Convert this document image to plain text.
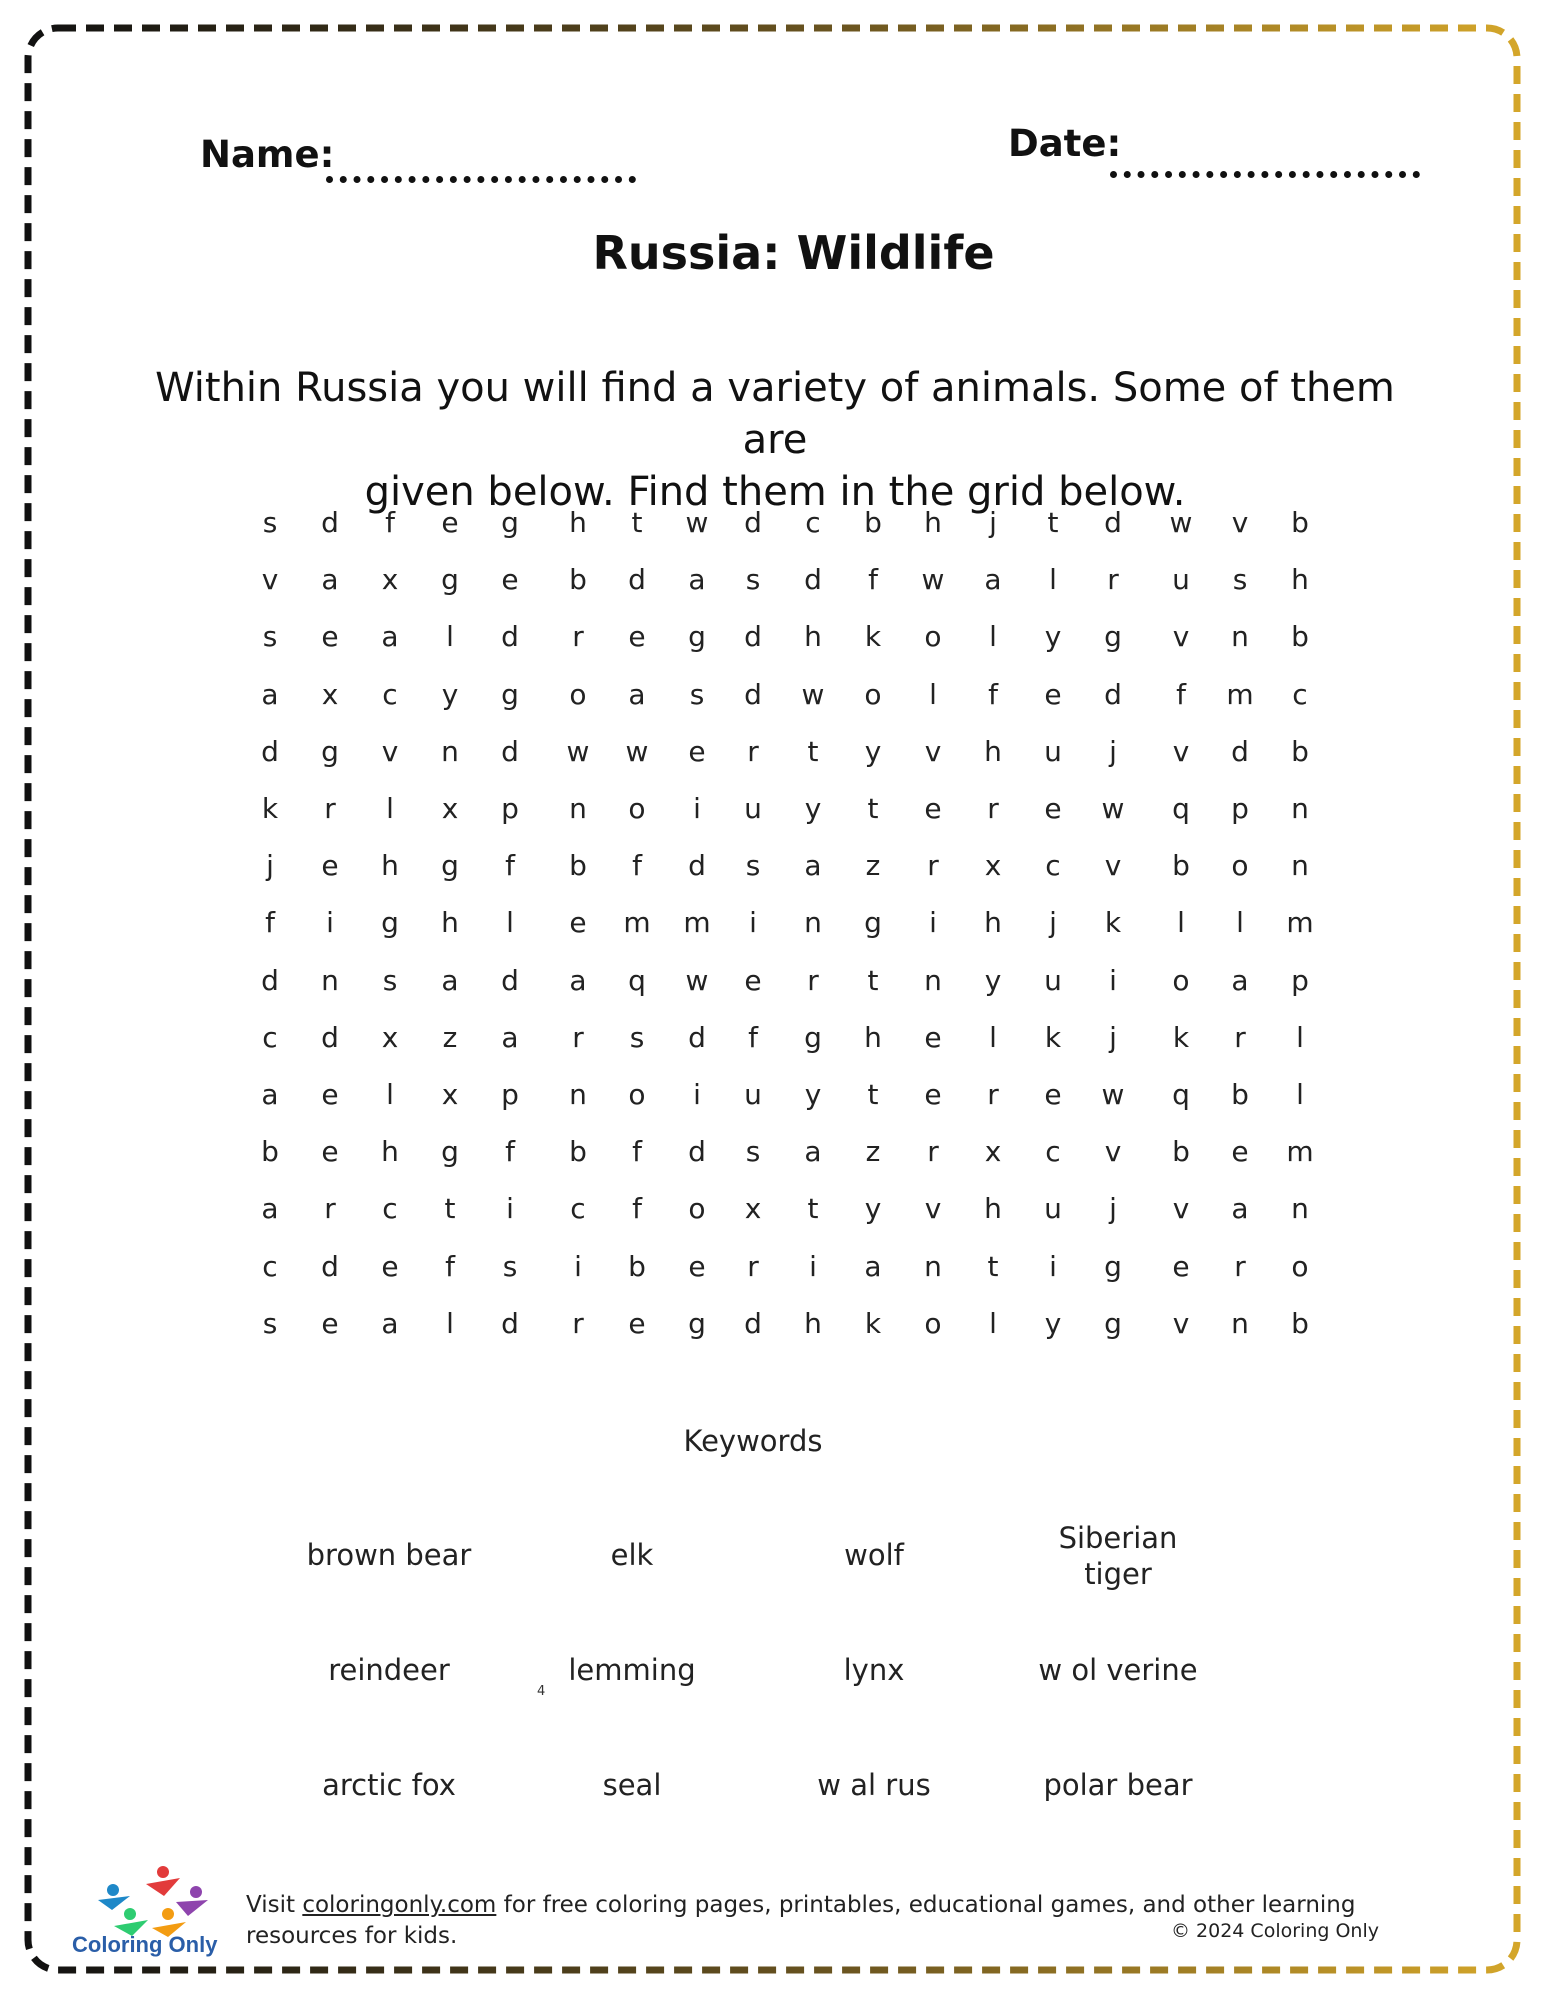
Name:	Date:
Russia: Wildlife
Within Russia you will find a variety of animals. Some of them are
given below. Find them in the grid below.
s	d	f	e	g	h	t	w	d	c	b	h	j	t	d	w	v	b
v	a	x	g	e	b	d	a	s	d	f	w	a	l	r	u	s	h
s	e	a	l	d	r	e	g	d	h	k	o	l	y	g	v	n	b
a	x	c	y	g	o	a	s	d	w	o	l	f	e	d	f	m	c
d	g	v	n	d	w	w	e	r	t	y	v	h	u	j	v	d	b
k	r	l	x	p	n	o	i	u	y	t	e	r	e	w	q	p	n
j	e	h	g	f	b	f	d	s	a	z	r	x	c	v	b	o	n
f	i	g	h	l	e	m	m	i	n	g	i	h	j	k	l	l	m
d	n	s	a	d	a	q	w	e	r	t	n	y	u	i	o	a	p
c	d	x	z	a	r	s	d	f	g	h	e	l	k	j	k	r	l
a	e	l	x	p	n	o	i	u	y	t	e	r	e	w	q	b	l
b	e	h	g	f	b	f	d	s	a	z	r	x	c	v	b	e	m
a	r	c	t	i	c	f	o	x	t	y	v	h	u	j	v	a	n
c	d	e	f	s	i	b	e	r	i	a	n	t	i	g	e	r	o
s	e	a	l	d	r	e	g	d	h	k	o	l	y	g	v	n	b
Keywords
brown bear	elk	wolf	Siberian tiger
reindeer	lemming	lynx	w ol verine
arctic fox	seal	w al rus	polar bear
4
Coloring Only
Visit coloringonly.com for free coloring pages, printables, educational games, and other learning resources for kids.	© 2024 Coloring Only
